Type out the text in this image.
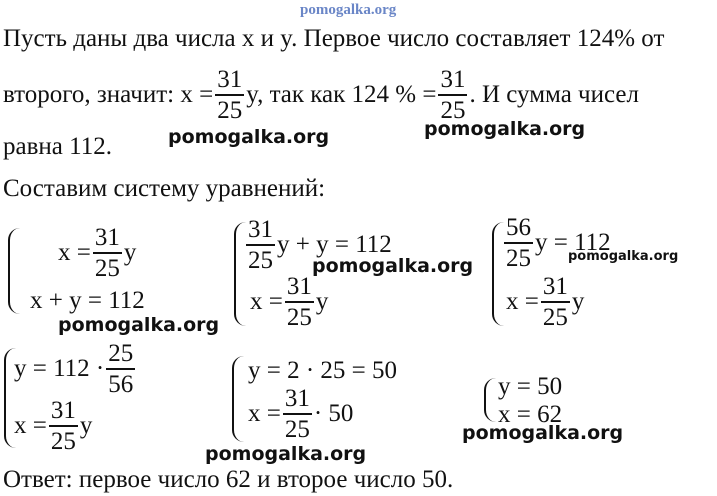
pomogalka.org
Пусть даны два числа x и y. Первое число составляет 124% от
второго, значит: $x = \frac{31}{25} y$, так как 124 % = $\frac{31}{25}$ . И сумма чисел
равна 112.	pomogalka.org	pomogalka.org
Составим систему уравнений:
$x = \frac{31}{25}$ y
x + y = 112
pomogalka.org
$\frac{31}{25}$ y + y = 112
$x = \frac{31}{25}$ y
pomogalka.org $\frac{56}{25}$ y = 112
$x = \frac{31}{25}$ y
pomogalka.org
$y = 112 \cdot \frac{25}{56}$
$x = \frac{31}{25}$ y
y = 2 · 25 = 50
$x = \frac{31}{25} \cdot 50$
y = 50
x = 62
pomogalka.org
pomogalka.org
Ответ: первое число 62 и второе число 50.
